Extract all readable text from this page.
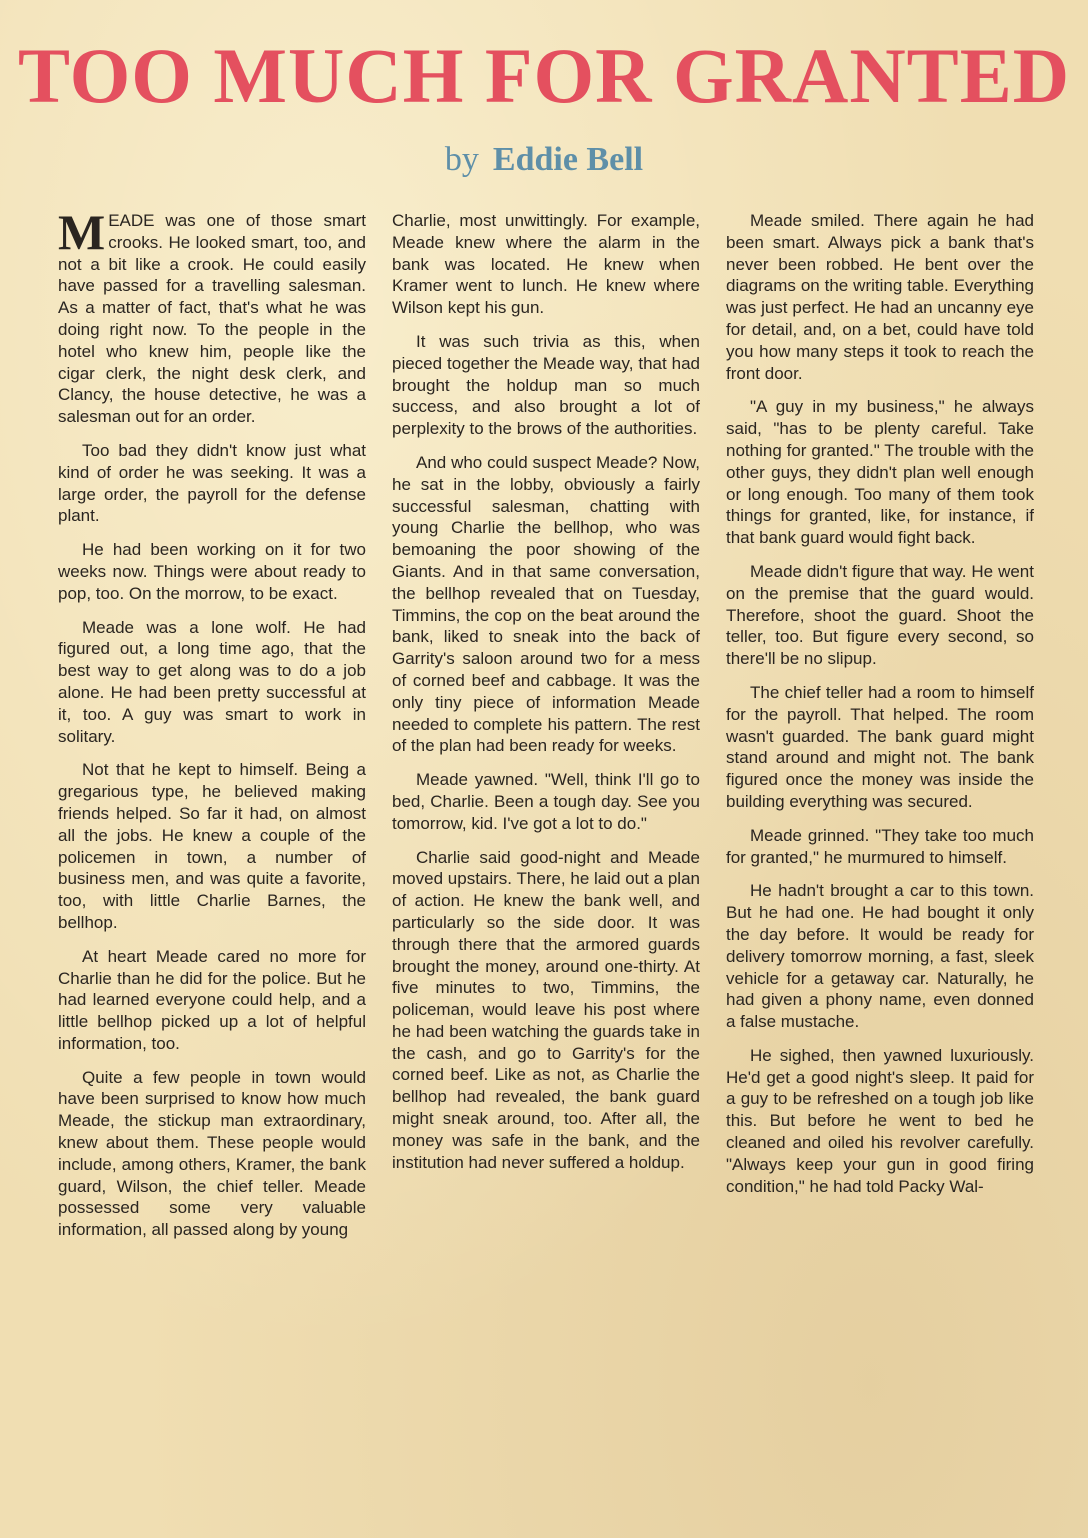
TOO MUCH FOR GRANTED
by Eddie Bell

MEADE was one of those smart crooks. He looked smart, too, and not a bit like a crook. He could easily have passed for a travelling salesman. As a matter of fact, that's what he was doing right now. To the people in the hotel who knew him, people like the cigar clerk, the night desk clerk, and Clancy, the house detective, he was a salesman out for an order.

Too bad they didn't know just what kind of order he was seeking. It was a large order, the payroll for the defense plant.

He had been working on it for two weeks now. Things were about ready to pop, too. On the morrow, to be exact.

Meade was a lone wolf. He had figured out, a long time ago, that the best way to get along was to do a job alone. He had been pretty successful at it, too. A guy was smart to work in solitary.

Not that he kept to himself. Being a gregarious type, he believed making friends helped. So far it had, on almost all the jobs. He knew a couple of the policemen in town, a number of business men, and was quite a favorite, too, with little Charlie Barnes, the bellhop.

At heart Meade cared no more for Charlie than he did for the police. But he had learned everyone could help, and a little bellhop picked up a lot of helpful information, too.

Quite a few people in town would have been surprised to know how much Meade, the stickup man extraordinary, knew about them. These people would include, among others, Kramer, the bank guard, Wilson, the chief teller. Meade possessed some very valuable information, all passed along by young

Charlie, most unwittingly. For example, Meade knew where the alarm in the bank was located. He knew when Kramer went to lunch. He knew where Wilson kept his gun.

It was such trivia as this, when pieced together the Meade way, that had brought the holdup man so much success, and also brought a lot of perplexity to the brows of the authorities.

And who could suspect Meade? Now, he sat in the lobby, obviously a fairly successful salesman, chatting with young Charlie the bellhop, who was bemoaning the poor showing of the Giants. And in that same conversation, the bellhop revealed that on Tuesday, Timmins, the cop on the beat around the bank, liked to sneak into the back of Garrity's saloon around two for a mess of corned beef and cabbage. It was the only tiny piece of information Meade needed to complete his pattern. The rest of the plan had been ready for weeks.

Meade yawned. "Well, think I'll go to bed, Charlie. Been a tough day. See you tomorrow, kid. I've got a lot to do."

Charlie said good-night and Meade moved upstairs. There, he laid out a plan of action. He knew the bank well, and particularly so the side door. It was through there that the armored guards brought the money, around one-thirty. At five minutes to two, Timmins, the policeman, would leave his post where he had been watching the guards take in the cash, and go to Garrity's for the corned beef. Like as not, as Charlie the bellhop had revealed, the bank guard might sneak around, too. After all, the money was safe in the bank, and the institution had never suffered a holdup.

Meade smiled. There again he had been smart. Always pick a bank that's never been robbed. He bent over the diagrams on the writing table. Everything was just perfect. He had an uncanny eye for detail, and, on a bet, could have told you how many steps it took to reach the front door.

"A guy in my business," he always said, "has to be plenty careful. Take nothing for granted." The trouble with the other guys, they didn't plan well enough or long enough. Too many of them took things for granted, like, for instance, if that bank guard would fight back.

Meade didn't figure that way. He went on the premise that the guard would. Therefore, shoot the guard. Shoot the teller, too. But figure every second, so there'll be no slipup.

The chief teller had a room to himself for the payroll. That helped. The room wasn't guarded. The bank guard might stand around and might not. The bank figured once the money was inside the building everything was secured.

Meade grinned. "They take too much for granted," he murmured to himself.

He hadn't brought a car to this town. But he had one. He had bought it only the day before. It would be ready for delivery tomorrow morning, a fast, sleek vehicle for a getaway car. Naturally, he had given a phony name, even donned a false mustache.

He sighed, then yawned luxuriously. He'd get a good night's sleep. It paid for a guy to be refreshed on a tough job like this. But before he went to bed he cleaned and oiled his revolver carefully. "Always keep your gun in good firing condition," he had told Packy Wal-
